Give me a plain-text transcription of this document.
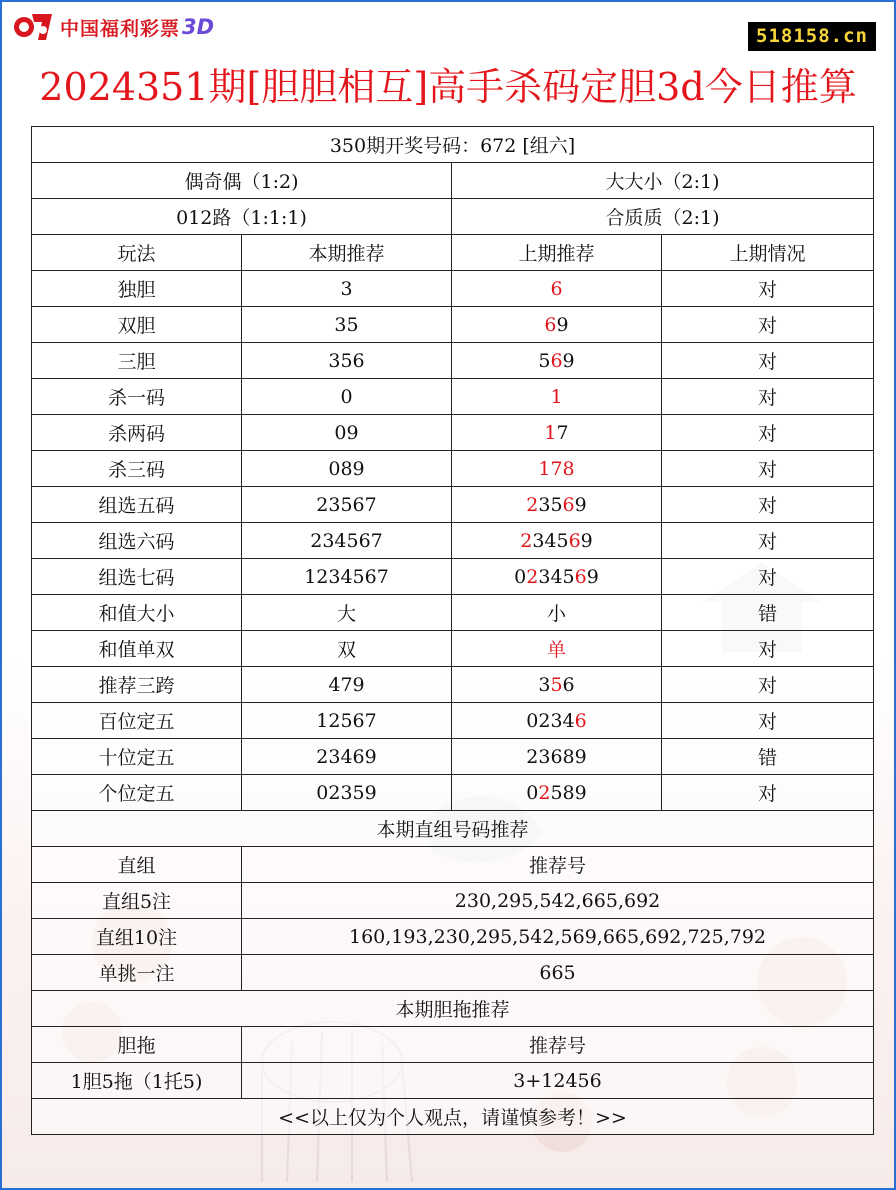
中国福利彩票 3D	518158.cn
2024351期[胆胆相互]高手杀码定胆3d今日推算
350期开奖号码：672 [组六]			
偶奇偶（1:2)		大大小（2:1)	
012路（1:1:1)		合质质（2:1)	
玩法	本期推荐	上期推荐	上期情况
独胆	3	6	对
双胆	35	69	对
三胆	356	569	对
杀一码	0	1	对
杀两码	09	17	对
杀三码	089	178	对
组选五码	23567	23569	对
组选六码	234567	234569	对
组选七码	1234567	0234569	对
和值大小	大	小	错
和值单双	双	单	对
推荐三跨	479	356	对
百位定五	12567	02346	对
十位定五	23469	23689	错
个位定五	02359	02589	对
本期直组号码推荐			
直组	推荐号		
直组5注	230,295,542,665,692		
直组10注	160,193,230,295,542,569,665,692,725,792		
单挑一注	665		
本期胆拖推荐			
胆拖	推荐号		
1胆5拖（1托5)	3+12456		
<<以上仅为个人观点，请谨慎参考！>>			
